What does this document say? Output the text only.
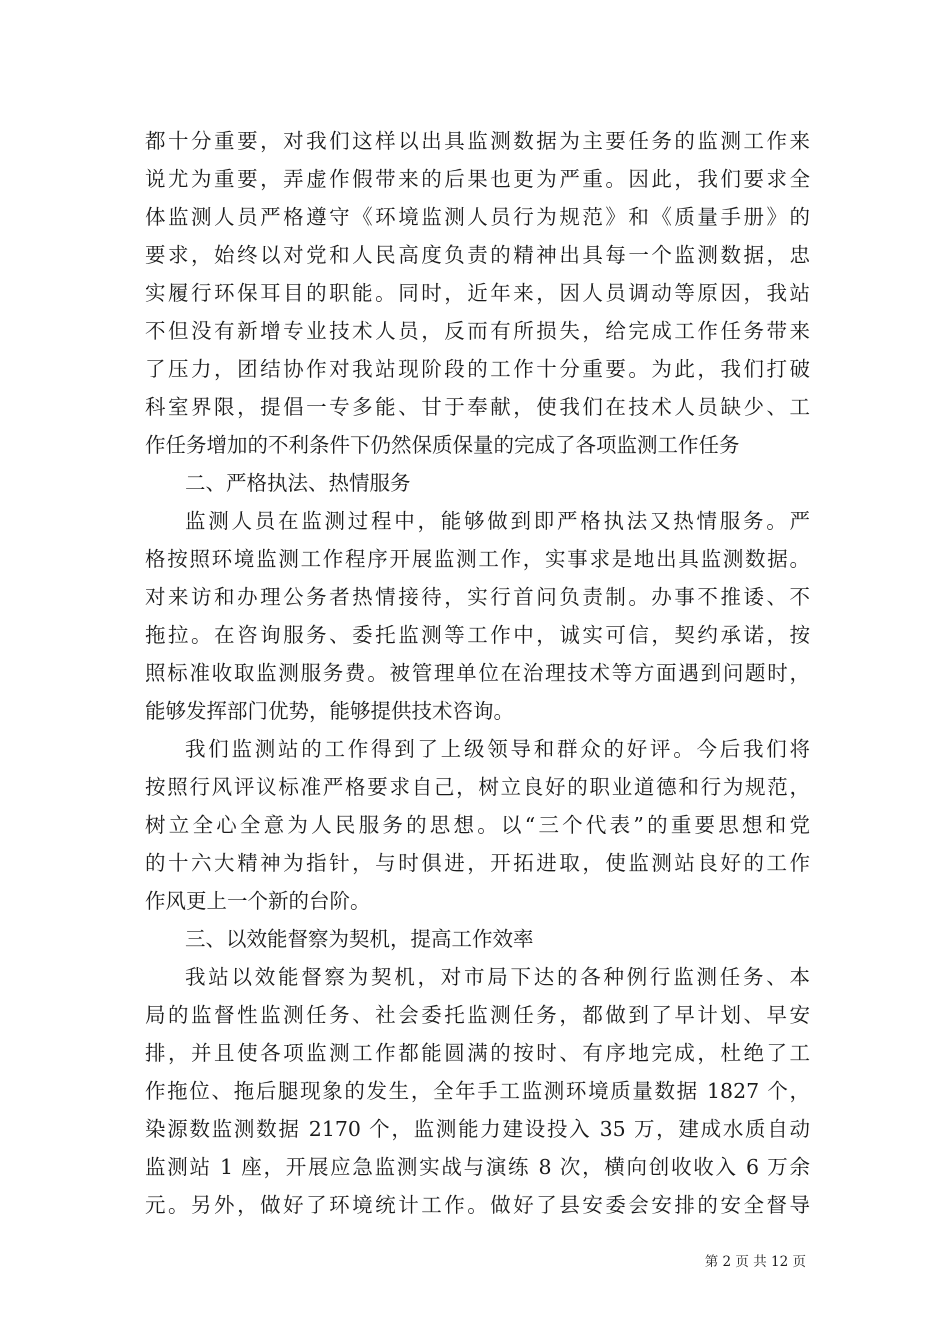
都十分重要，对我们这样以出具监测数据为主要任务的监测工作来
说尤为重要，弄虚作假带来的后果也更为严重。因此，我们要求全
体监测人员严格遵守《环境监测人员行为规范》和《质量手册》的
要求，始终以对党和人民高度负责的精神出具每一个监测数据，忠
实履行环保耳目的职能。同时，近年来，因人员调动等原因，我站
不但没有新增专业技术人员，反而有所损失，给完成工作任务带来
了压力，团结协作对我站现阶段的工作十分重要。为此，我们打破
科室界限，提倡一专多能、甘于奉献，使我们在技术人员缺少、工
作任务增加的不利条件下仍然保质保量的完成了各项监测工作任务
二、严格执法、热情服务
监测人员在监测过程中，能够做到即严格执法又热情服务。严
格按照环境监测工作程序开展监测工作，实事求是地出具监测数据。
对来访和办理公务者热情接待，实行首问负责制。办事不推诿、不
拖拉。在咨询服务、委托监测等工作中，诚实可信，契约承诺，按
照标准收取监测服务费。被管理单位在治理技术等方面遇到问题时，
能够发挥部门优势，能够提供技术咨询。
我们监测站的工作得到了上级领导和群众的好评。今后我们将
按照行风评议标准严格要求自己，树立良好的职业道德和行为规范，
树立全心全意为人民服务的思想。以“三个代表”的重要思想和党
的十六大精神为指针，与时俱进，开拓进取，使监测站良好的工作
作风更上一个新的台阶。
三、以效能督察为契机，提高工作效率
我站以效能督察为契机，对市局下达的各种例行监测任务、本
局的监督性监测任务、社会委托监测任务，都做到了早计划、早安
排，并且使各项监测工作都能圆满的按时、有序地完成，杜绝了工
作拖位、拖后腿现象的发生，全年手工监测环境质量数据 1827 个，
染源数监测数据 2170 个，监测能力建设投入 35 万，建成水质自动
监测站 1 座，开展应急监测实战与演练 8 次，横向创收收入 6 万余
元。另外，做好了环境统计工作。做好了县安委会安排的安全督导
第 2 页 共 12 页
